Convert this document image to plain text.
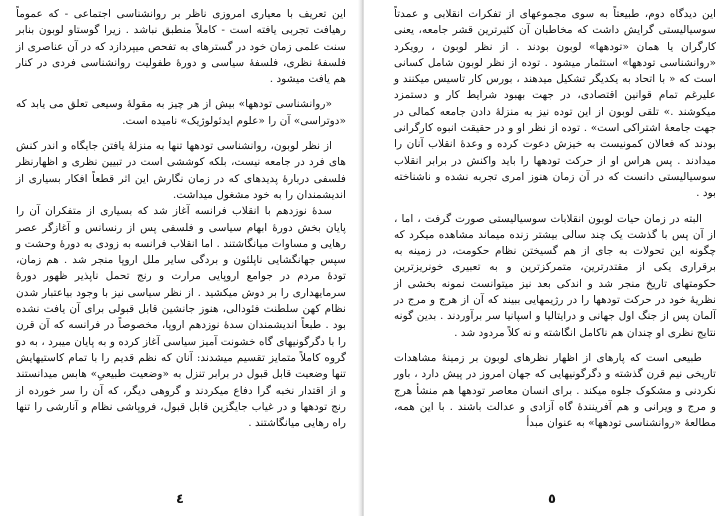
این تعریف با معیاری امروزی ناظر بر روانشناسی اجتماعی - که عموماً رهیافت تجربی یافته است - کاملاً منطبق نباشد . زیرا گوستاو لوبون بنابر سنت علمی زمان خود در گسترهای به تفحص میپردازد که در آن عناصری از فلسفهٔ نظری، فلسفهٔ سیاسی و دورهٔ طفولیت روانشناسی فردی در کنار هم یافت میشود .

«روانشناسی تودهها» بیش از هر چیز به مقولهٔ وسیعی تعلق می یابد که «دوتراسی» آن را «علوم ایدئولوژیک» نامیده است.

از نظر لوبون، روانشناسی تودهها تنها به منزلهٔ یافتن جایگاه و اندر کنش های فرد در جامعه نیست، بلکه کوششی است در تبیین نظری و اظهارنظر فلسفی دربارهٔ پدیدهای که در زمان نگارش این اثر قطعاً افکار بسیاری از اندیشمندان را به خود مشغول میداشت.

سدهٔ نوزدهم با انقلاب فرانسه آغاز شد که بسیاری از متفکران آن را پایان بخش دورهٔ ابهام سیاسی و فلسفی پس از رنسانس و آغازگر عصر رهایی و مساوات میانگاشتند . اما انقلاب فرانسه به زودی به دورهٔ وحشت و سپس جهانگشایی ناپلئون و بردگی سایر ملل اروپا منجر شد . هم زمان، تودهٔ مردم در جوامع اروپایی مرارت و رنج تحمل ناپذیر ظهور دورهٔ سرمایهداری را بر دوش میکشید . از نظر سیاسی نیز با وجود بیاعتبار شدن نظام کهن سلطنت فئودالی، هنوز جانشین قابل قبولی برای آن یافت نشده بود . طبعاً اندیشمندان سدهٔ نوزدهم اروپا، مخصوصاً در فرانسه که آن قرن را با دگرگونیهای گاه خشونت آمیز سیاسی آغاز کرده و به پایان میبرد ، به دو گروه کاملاً متمایز تقسیم میشدند: آنان که نظم قدیم را با تمام کاستیهایش تنها وضعیت قابل قبول در برابر تنزل به «وضعیت طبیعیِ» هابس میدانستند و از اقتدار نخبه گرا دفاع میکردند و گروهی دیگر، که آن را سر خورده از رنج تودهها و در غیاب جایگزین قابل قبول، فروپاشی نظام و آنارشی را تنها راه رهایی میانگاشتند .

٤

این دیدگاه دوم، طبیعتاً به سوی مجموعهای از تفکرات انقلابی و عمدتاً سوسیالیستی گرایش داشت که مخاطبان آن کثیرترین قشر جامعه، یعنی کارگران یا همان «تودهها» لوبون بودند . از نظر لوبون ، رویکرد «روانشناسی تودهها» استثمار میشود . توده از نظر لوبون شامل کسانی است که « با اتحاد به یکدیگر تشکیل میدهند ، بورس کار تاسیس میکنند و علیرغم تمام قوانین اقتصادی، در جهت بهبود شرایط کار و دستمزد میکوشند .» تلقی لوبون از این توده نیز به منزلهٔ دادن جامعه کمالی در جهت جامعهٔ اشتراکی است» . توده از نظر او و در حقیقت انبوه کارگرانی بودند که فعالان کمونیست به خیزش دعوت کرده و وعدهٔ انقلاب آنان را میدادند . پس هراس او از حرکت تودهها را باید واکنش در برابر انقلاب سوسیالیستی دانست که در آن زمان هنوز امری تجربه نشده و ناشناخته بود .

البته در زمان حیات لوبون انقلابات سوسیالیستی صورت گرفت ، اما ، از آن پس با گذشت یک چند سالی بیشتر زنده میماند مشاهده میکرد که چگونه این تحولات به جای از هم گسیختن نظام حکومت، در زمینه به برقراری یکی از مقتدرترین، متمرکزترین و به تعبیری خونریزترین حکومتهای تاریخ منجر شد و اندکی بعد نیز میتوانست نمونه بخشی از نظریهٔ خود در حرکت تودهها را در رژیمهایی ببیند که آن از هرج و مرج در آلمان پس از جنگ اول جهانی و درایتالیا و اسپانیا سر برآوردند . بدین گونه نتایج نظری او چندان هم ناکامل انگاشته و نه کلاً مردود شد .

طبیعی است که پارهای از اظهار نظرهای لوبون بر زمینهٔ مشاهدات تاریخی نیم قرن گذشته و دگرگونیهایی که جهان امروز در پیش دارد ، باور نکردنی و مشکوک جلوه میکند . برای انسان معاصر تودهها هم منشأ هرج و مرج و ویرانی و هم آفرینندهٔ گاه آزادی و عدالت باشند . با این همه، مطالعهٔ «روانشناسی تودهها» به عنوان مبدأ

٥
